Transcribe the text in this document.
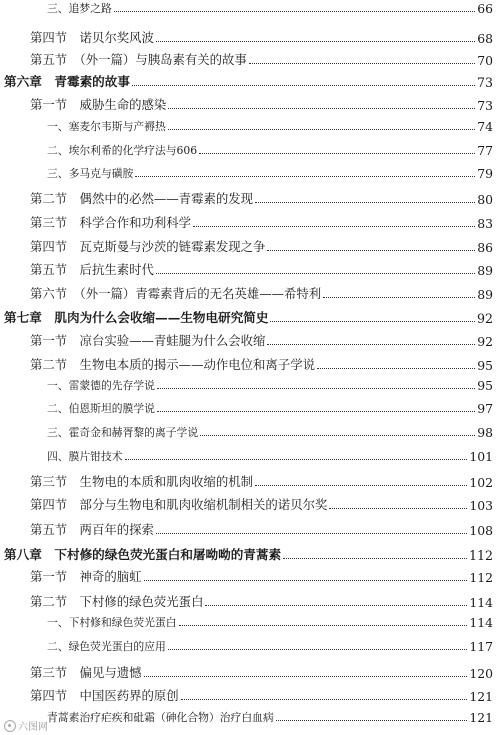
三、追梦之路	66
第四节　诺贝尔奖风波	68
第五节　（外一篇）与胰岛素有关的故事	70
第六章　青霉素的故事	73
第一节　威胁生命的感染	73
一、塞麦尔韦斯与产褥热	74
二、埃尔利希的化学疗法与606	77
三、多马克与磺胺	79
第二节　偶然中的必然——青霉素的发现	80
第三节　科学合作和功利科学	83
第四节　瓦克斯曼与沙茨的链霉素发现之争	86
第五节　后抗生素时代	89
第六节　（外一篇）青霉素背后的无名英雄——希特利	89
第七章　肌肉为什么会收缩——生物电研究简史	92
第一节　凉台实验——青蛙腿为什么会收缩	92
第二节　生物电本质的揭示——动作电位和离子学说	95
一、雷蒙德的先存学说	95
二、伯恩斯坦的膜学说	97
三、霍奇金和赫胥黎的离子学说	98
四、膜片钳技术	101
第三节　生物电的本质和肌肉收缩的机制	102
第四节　部分与生物电和肌肉收缩机制相关的诺贝尔奖	103
第五节　两百年的探索	108
第八章　下村修的绿色荧光蛋白和屠呦呦的青蒿素	112
第一节　神奇的脑虹	112
第二节　下村修的绿色荧光蛋白	114
一、下村修和绿色荧光蛋白	114
二、绿色荧光蛋白的应用	117
第三节　偏见与遗憾	120
第四节　中国医药界的原创	121
青蒿素治疗疟疾和砒霜（砷化合物）治疗白血病	121
六图网
